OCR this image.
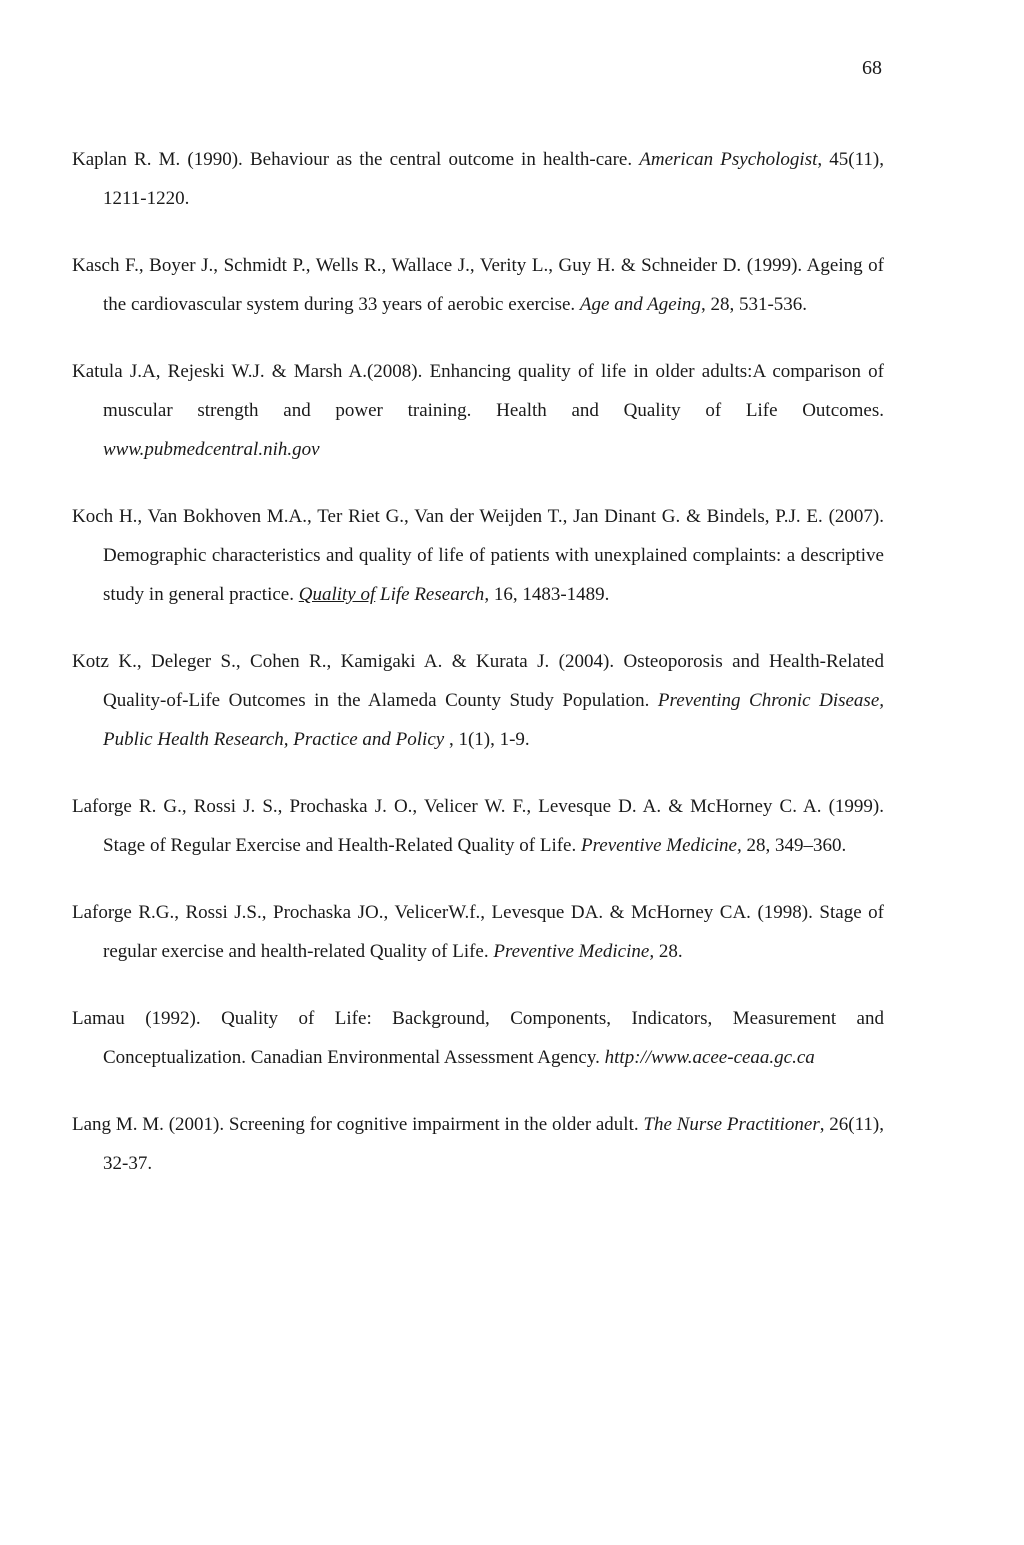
68
Kaplan R. M. (1990). Behaviour as the central outcome in health-care. American Psychologist, 45(11), 1211-1220.
Kasch F., Boyer J., Schmidt P., Wells R., Wallace J., Verity L., Guy H. & Schneider D. (1999). Ageing of the cardiovascular system during 33 years of aerobic exercise. Age and Ageing, 28, 531-536.
Katula J.A, Rejeski W.J. & Marsh A.(2008). Enhancing quality of life in older adults:A comparison of muscular strength and power training. Health and Quality of Life Outcomes. www.pubmedcentral.nih.gov
Koch H., Van Bokhoven M.A., Ter Riet G., Van der Weijden T., Jan Dinant G. & Bindels, P.J. E. (2007). Demographic characteristics and quality of life of patients with unexplained complaints: a descriptive study in general practice. Quality of Life Research, 16, 1483-1489.
Kotz K., Deleger S., Cohen R., Kamigaki A. & Kurata J. (2004). Osteoporosis and Health-Related Quality-of-Life Outcomes in the Alameda County Study Population. Preventing Chronic Disease, Public Health Research, Practice and Policy , 1(1), 1-9.
Laforge R. G., Rossi J. S., Prochaska J. O., Velicer W. F., Levesque D. A. & McHorney C. A. (1999). Stage of Regular Exercise and Health-Related Quality of Life. Preventive Medicine, 28, 349–360.
Laforge R.G., Rossi J.S., Prochaska JO., VelicerW.f., Levesque DA. & McHorney CA. (1998). Stage of regular exercise and health-related Quality of Life. Preventive Medicine, 28.
Lamau (1992). Quality of Life: Background, Components, Indicators, Measurement and Conceptualization. Canadian Environmental Assessment Agency. http://www.acee-ceaa.gc.ca
Lang M. M. (2001). Screening for cognitive impairment in the older adult. The Nurse Practitioner, 26(11), 32-37.
